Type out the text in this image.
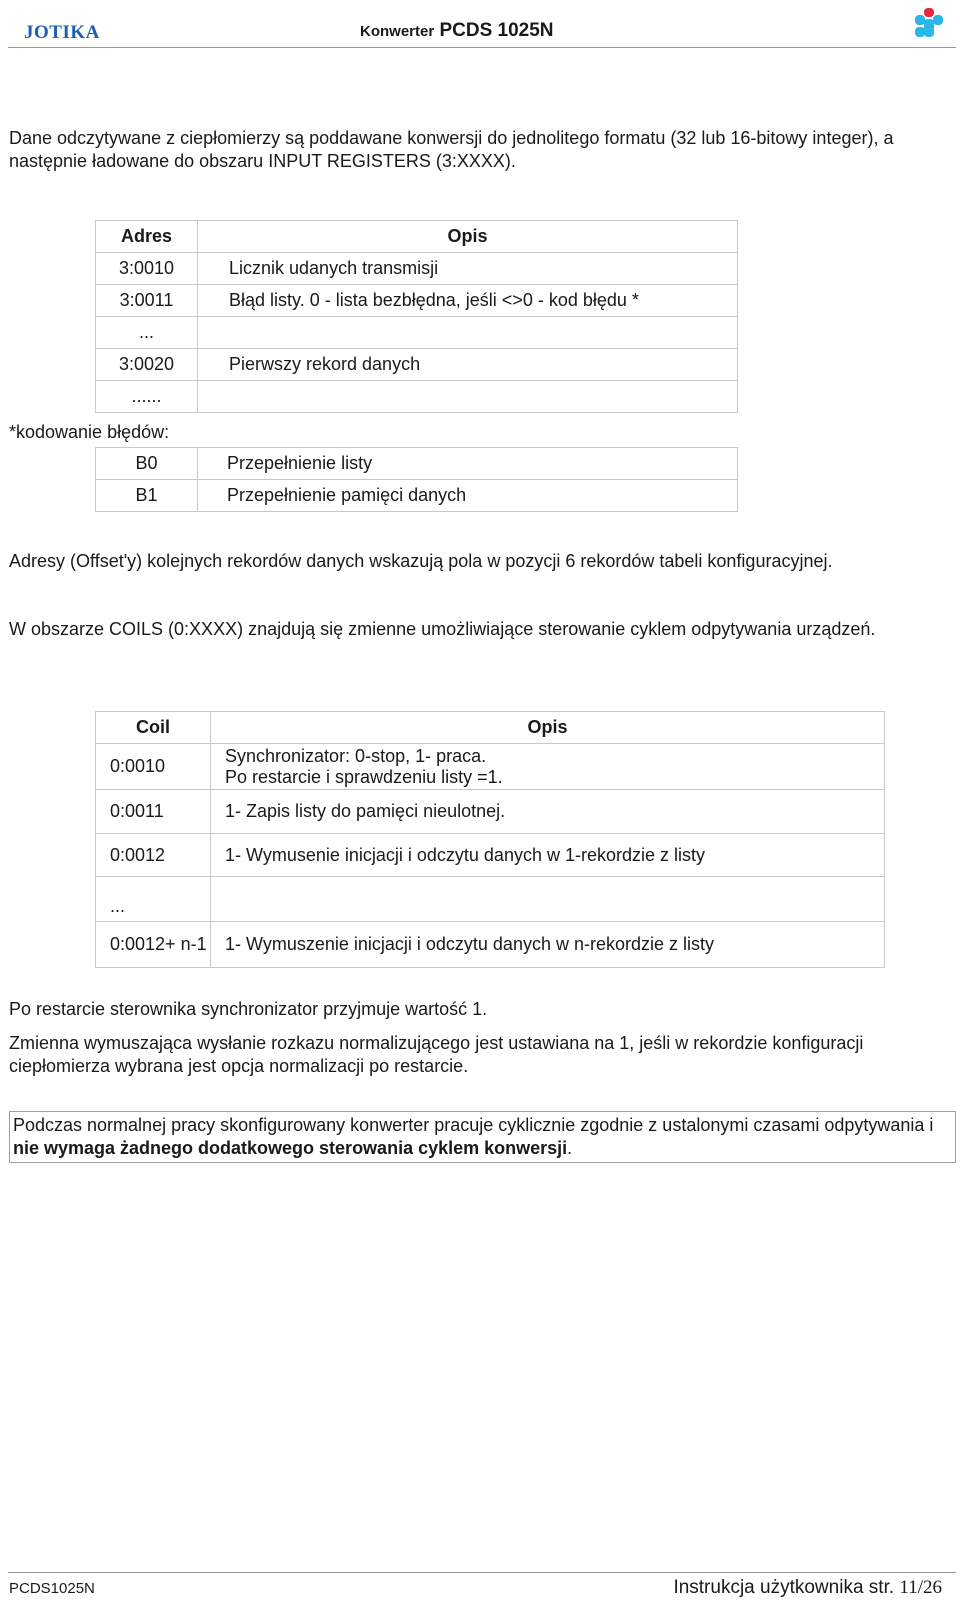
JOTIKA	Konwerter PCDS 1025N
Dane odczytywane z ciepłomierzy są poddawane konwersji do jednolitego formatu (32 lub 16-bitowy integer), a następnie ładowane do obszaru INPUT REGISTERS (3:XXXX).
Adres	Opis
3:0010	Licznik udanych transmisji
3:0011	Błąd listy. 0 - lista bezbłędna, jeśli <>0 - kod błędu *
...	
3:0020	Pierwszy rekord danych
......	
*kodowanie błędów:
B0	Przepełnienie listy
B1	Przepełnienie pamięci danych
Adresy (Offset'y) kolejnych rekordów danych wskazują pola w pozycji 6 rekordów tabeli konfiguracyjnej.
W obszarze COILS (0:XXXX) znajdują się zmienne umożliwiające sterowanie cyklem odpytywania urządzeń.
Coil	Opis
0:0010	Synchronizator: 0-stop, 1- praca.
Po restarcie i sprawdzeniu listy =1.

0:0011	1- Zapis listy do pamięci nieulotnej.
0:0012	1- Wymusenie inicjacji i odczytu danych w 1-rekordzie z listy
...	
0:0012+ n-1	1- Wymuszenie inicjacji i odczytu danych w n-rekordzie z listy
Po restarcie sterownika synchronizator przyjmuje wartość 1.
Zmienna wymuszająca wysłanie rozkazu normalizującego jest ustawiana na 1, jeśli w rekordzie konfiguracji ciepłomierza wybrana jest opcja normalizacji po restarcie.
Podczas normalnej pracy skonfigurowany konwerter pracuje cyklicznie zgodnie z ustalonymi czasami odpytywania i nie wymaga żadnego dodatkowego sterowania cyklem konwersji.
PCDS1025N	Instrukcja użytkownika str. 11/26
